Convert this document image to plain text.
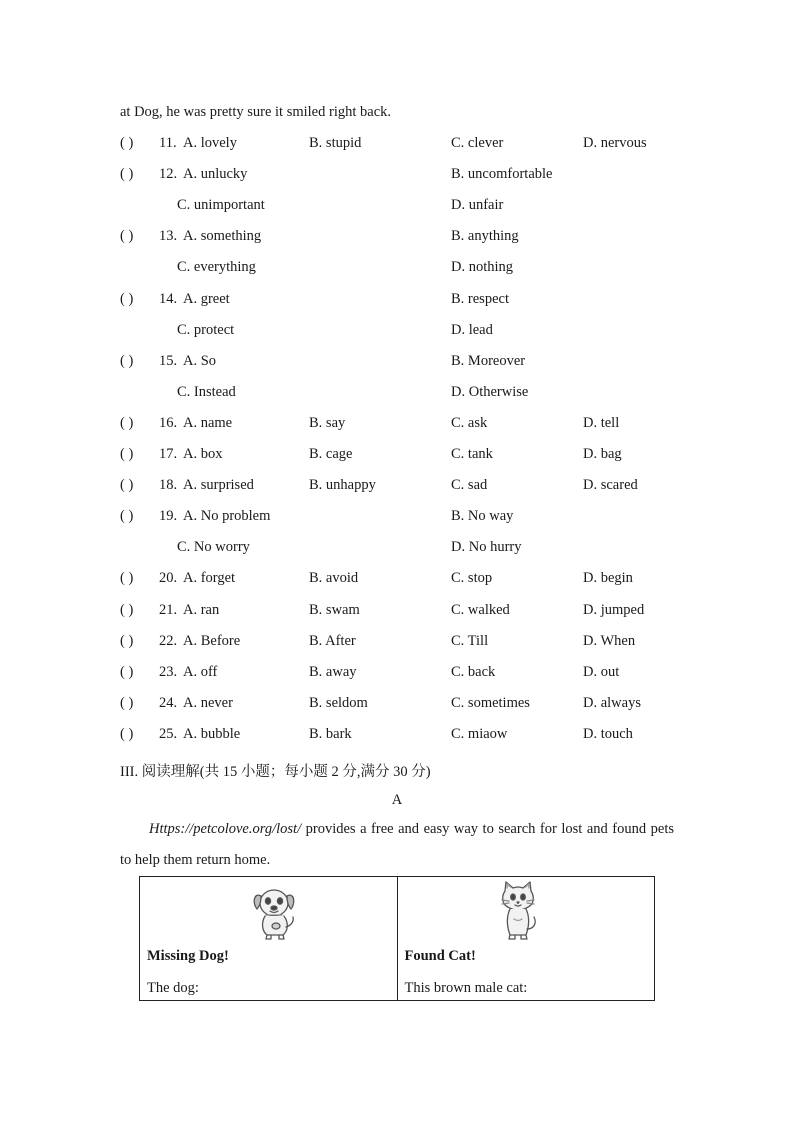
at Dog, he was pretty sure it smiled right back.
( ) 11. A. lovely	B. stupid	C. clever	D. nervous
( ) 12. A. unlucky	B. uncomfortable
C. unimportant	D. unfair
( ) 13. A. something	B. anything
C. everything	D. nothing
( ) 14. A. greet	B. respect
C. protect	D. lead
( ) 15. A. So	B. Moreover
C. Instead	D. Otherwise
( ) 16. A. name	B. say	C. ask	D. tell
( ) 17. A. box	B. cage	C. tank	D. bag
( ) 18. A. surprised	B. unhappy	C. sad	D. scared
( ) 19. A. No problem	B. No way
C. No worry	D. No hurry
( ) 20. A. forget	B. avoid	C. stop	D. begin
( ) 21. A. ran	B. swam	C. walked	D. jumped
( ) 22. A. Before	B. After	C. Till	D. When
( ) 23. A. off	B. away	C. back	D. out
( ) 24. A. never	B. seldom	C. sometimes	D. always
( ) 25. A. bubble	B. bark	C. miaow	D. touch
III. 阅读理解(共 15 小题；每小题 2 分,满分 30 分)
A
Https://petcolove.org/lost/ provides a free and easy way to search for lost and found pets to help them return home.
Missing Dog!
The dog:

Found Cat!
This brown male cat:
